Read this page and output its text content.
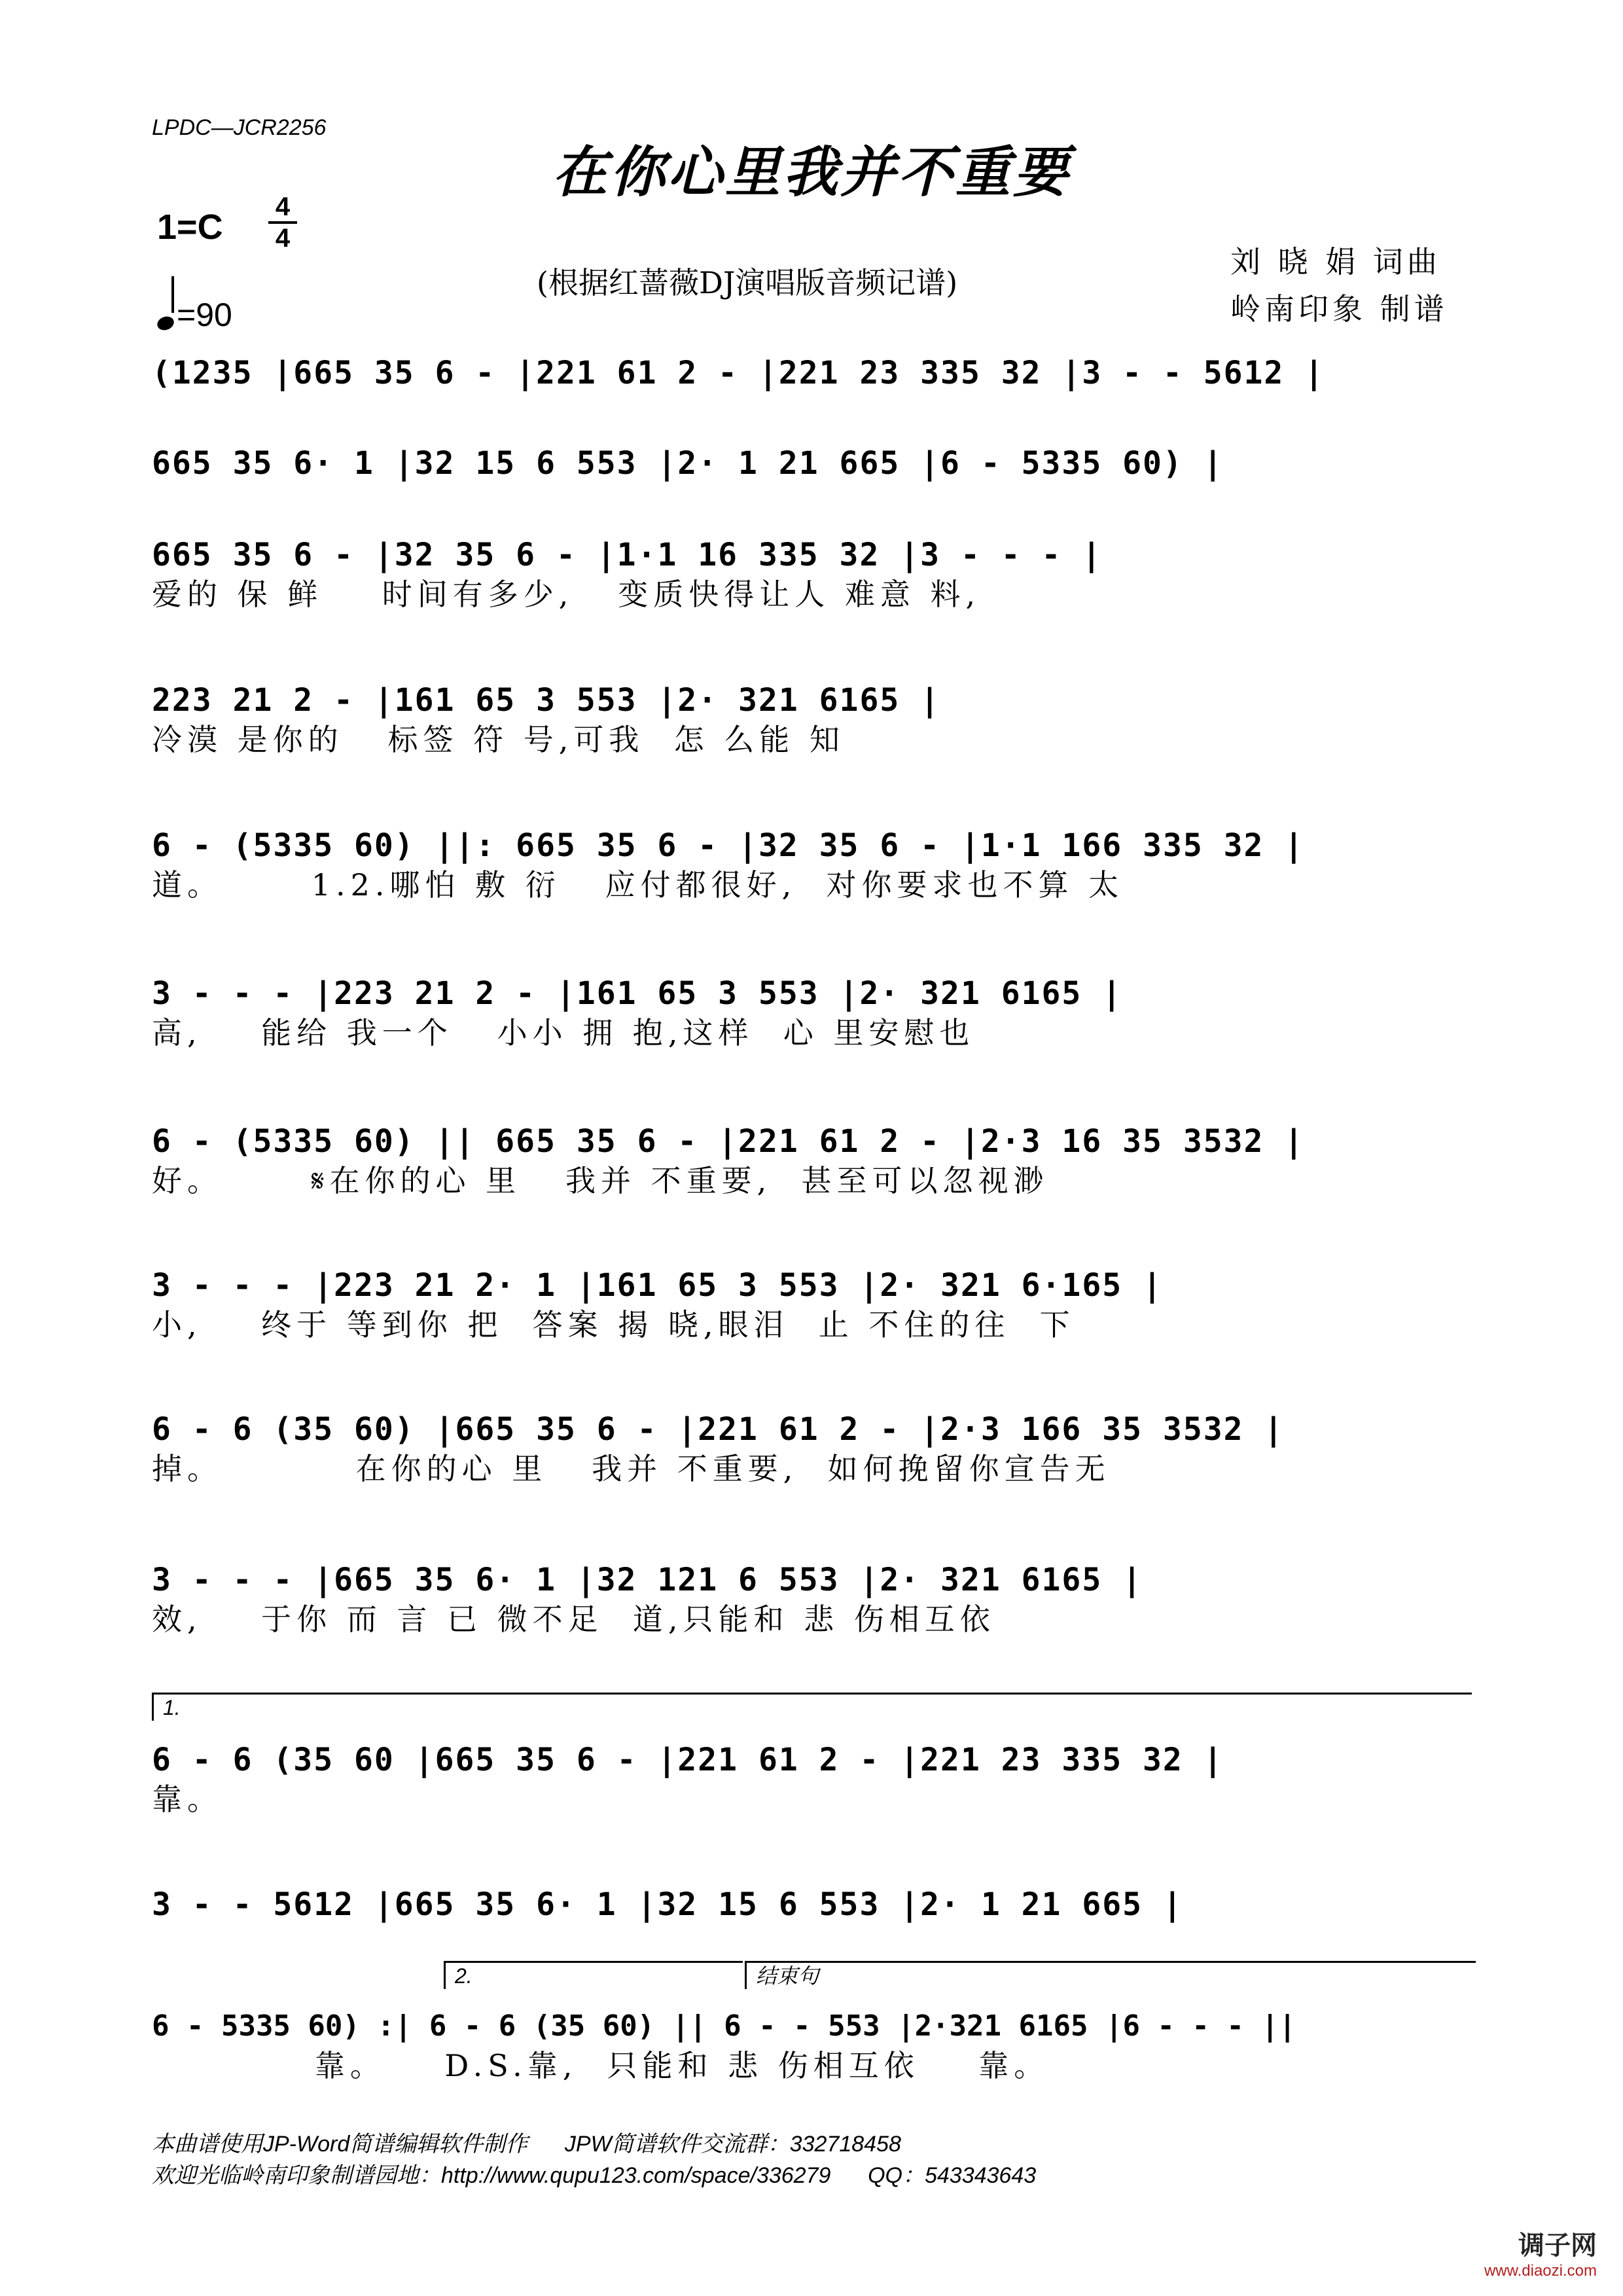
LPDC—JCR2256
在你心里我并不重要
1=C
4
4
=90
(根据红蔷薇DJ演唱版音频记谱)
刘 晓 娟 词曲
岭南印象 制谱
(1235 |665 35 6 - |221 61 2 - |221 23 335 32 |3 - - 5612 |
665 35 6· 1 |32 15 6 553 |2· 1 21 665 |6 - 5335 60) |
665 35 6 - |32 35 6 - |1·1 16 335 32 |3 - - - |
爱的 保 鲜    时间有多少,   变质快得让人 难意 料,
223 21 2 - |161 65 3 553 |2· 321 6165 |
冷漠 是你的   标签 符 号,可我  怎 么能 知
6 - (5335 60) ||: 665 35 6 - |32 35 6 - |1·1 166 335 32 |
道。      1.2.哪怕 敷 衍   应付都很好,  对你要求也不算 太
3 - - - |223 21 2 - |161 65 3 553 |2· 321 6165 |
高,    能给 我一个   小小 拥 抱,这样  心 里安慰也
6 - (5335 60) || 665 35 6 - |221 61 2 - |2·3 16 35 3532 |
好。      𝄋在你的心 里   我并 不重要,  甚至可以忽视渺
3 - - - |223 21 2· 1 |161 65 3 553 |2· 321 6·165 |
小,    终于 等到你 把  答案 揭 晓,眼泪  止 不住的往  下
6 - 6 (35 60) |665 35 6 - |221 61 2 - |2·3 166 35 3532 |
掉。         在你的心 里   我并 不重要,  如何挽留你宣告无
3 - - - |665 35 6· 1 |32 121 6 553 |2· 321 6165 |
效,    于你 而 言 已 微不足  道,只能和 悲 伤相互依
1.
6 - 6 (35 60 |665 35 6 - |221 61 2 - |221 23 335 32 |
靠。
3 - - 5612 |665 35 6· 1 |32 15 6 553 |2· 1 21 665 |
2.	结束句
6 - 5335 60) :| 6 - 6 (35 60) || 6 - - 553 |2·321 6165 |6 - - - ||
靠。    D.S.靠,  只能和 悲 伤相互依    靠。
本曲谱使用JP-Word简谱编辑软件制作      JPW简谱软件交流群：332718458
欢迎光临岭南印象制谱园地：http://www.qupu123.com/space/336279      QQ：543343643
调子网
www.diaozi.com
